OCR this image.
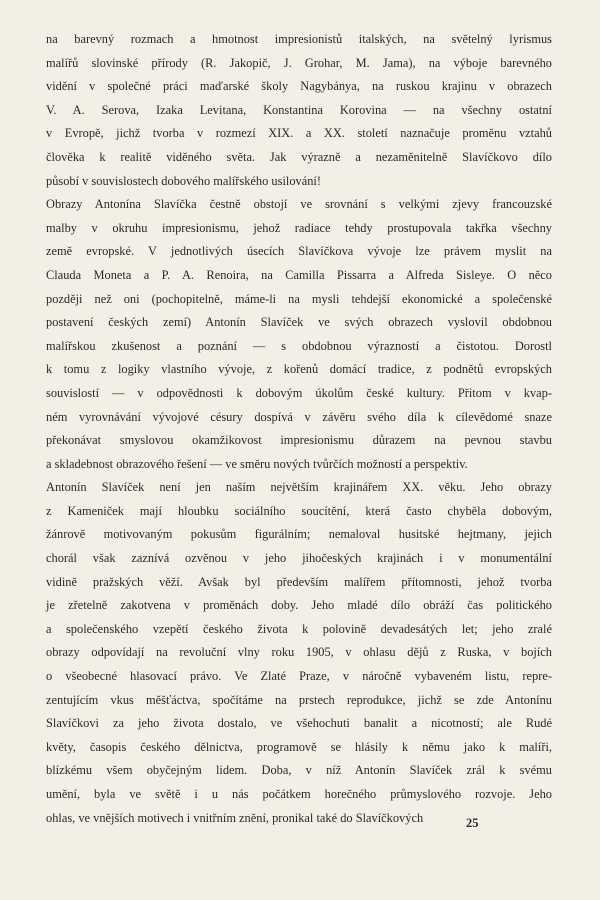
na barevný rozmach a hmotnost impresionistů italských, na světelný lyrismus
malířů slovinské přírody (R. Jakopič, J. Grohar, M. Jama), na výboje barevného
vidění v společné práci maďarské školy Nagybánya, na ruskou krajinu v obrazech
V. A. Serova, Izaka Levitana, Konstantina Korovina — na všechny ostatní
v Evropě, jichž tvorba v rozmezí XIX. a XX. století naznačuje proměnu vztahů
člověka k realitě viděného světa. Jak výrazně a nezaměnitelně Slavíčkovo dílo
působí v souvislostech dobového malířského usilování!
Obrazy Antonína Slavíčka čestně obstojí ve srovnání s velkými zjevy francouzské
malby v okruhu impresionismu, jehož radiace tehdy prostupovala takřka všechny
země evropské. V jednotlivých úsecích Slavíčkova vývoje lze právem myslit na
Clauda Moneta a P. A. Renoira, na Camilla Pissarra a Alfreda Sisleye. O něco
později než oni (pochopitelně, máme-li na mysli tehdejší ekonomické a společenské
postavení českých zemí) Antonín Slavíček ve svých obrazech vyslovil obdobnou
malířskou zkušenost a poznání — s obdobnou výrazností a čistotou. Dorostl
k tomu z logiky vlastního vývoje, z kořenů domácí tradice, z podnětů evropských
souvislostí — v odpovědnosti k dobovým úkolům české kultury. Přitom v kvap-
ném vyrovnávání vývojové césury dospívá v závěru svého díla k cílevědomé snaze
překonávat smyslovou okamžikovost impresionismu důrazem na pevnou stavbu
a skladebnost obrazového řešení — ve směru nových tvůrčích možností a perspektiv.
Antonín Slavíček není jen naším největším krajinářem XX. věku. Jeho obrazy
z Kameniček mají hloubku sociálního soucítění, která často chyběla dobovým,
žánrově motivovaným pokusům figurálním; nemaloval husitské hejtmany, jejich
chorál však zaznívá ozvěnou v jeho jihočeských krajinách i v monumentální
vidině pražských věží. Avšak byl především malířem přítomnosti, jehož tvorba
je zřetelně zakotvena v proměnách doby. Jeho mladé dílo obráží čas politického
a společenského vzepětí českého života k polovině devadesátých let; jeho zralé
obrazy odpovídají na revoluční vlny roku 1905, v ohlasu dějů z Ruska, v bojích
o všeobecné hlasovací právo. Ve Zlaté Praze, v náročně vybaveném listu, repre-
zentujícím vkus měšťáctva, spočítáme na prstech reprodukce, jichž se zde Antonínu
Slavíčkovi za jeho života dostalo, ve všehochuti banalit a nicotností; ale Rudé
květy, časopis českého dělnictva, programově se hlásily k němu jako k malíři,
blízkému všem obyčejným lidem. Doba, v níž Antonín Slavíček zrál k svému
umění, byla ve světě i u nás počátkem horečného průmyslového rozvoje. Jeho
ohlas, ve vnějších motivech i vnitřním znění, pronikal také do Slavíčkových	25
